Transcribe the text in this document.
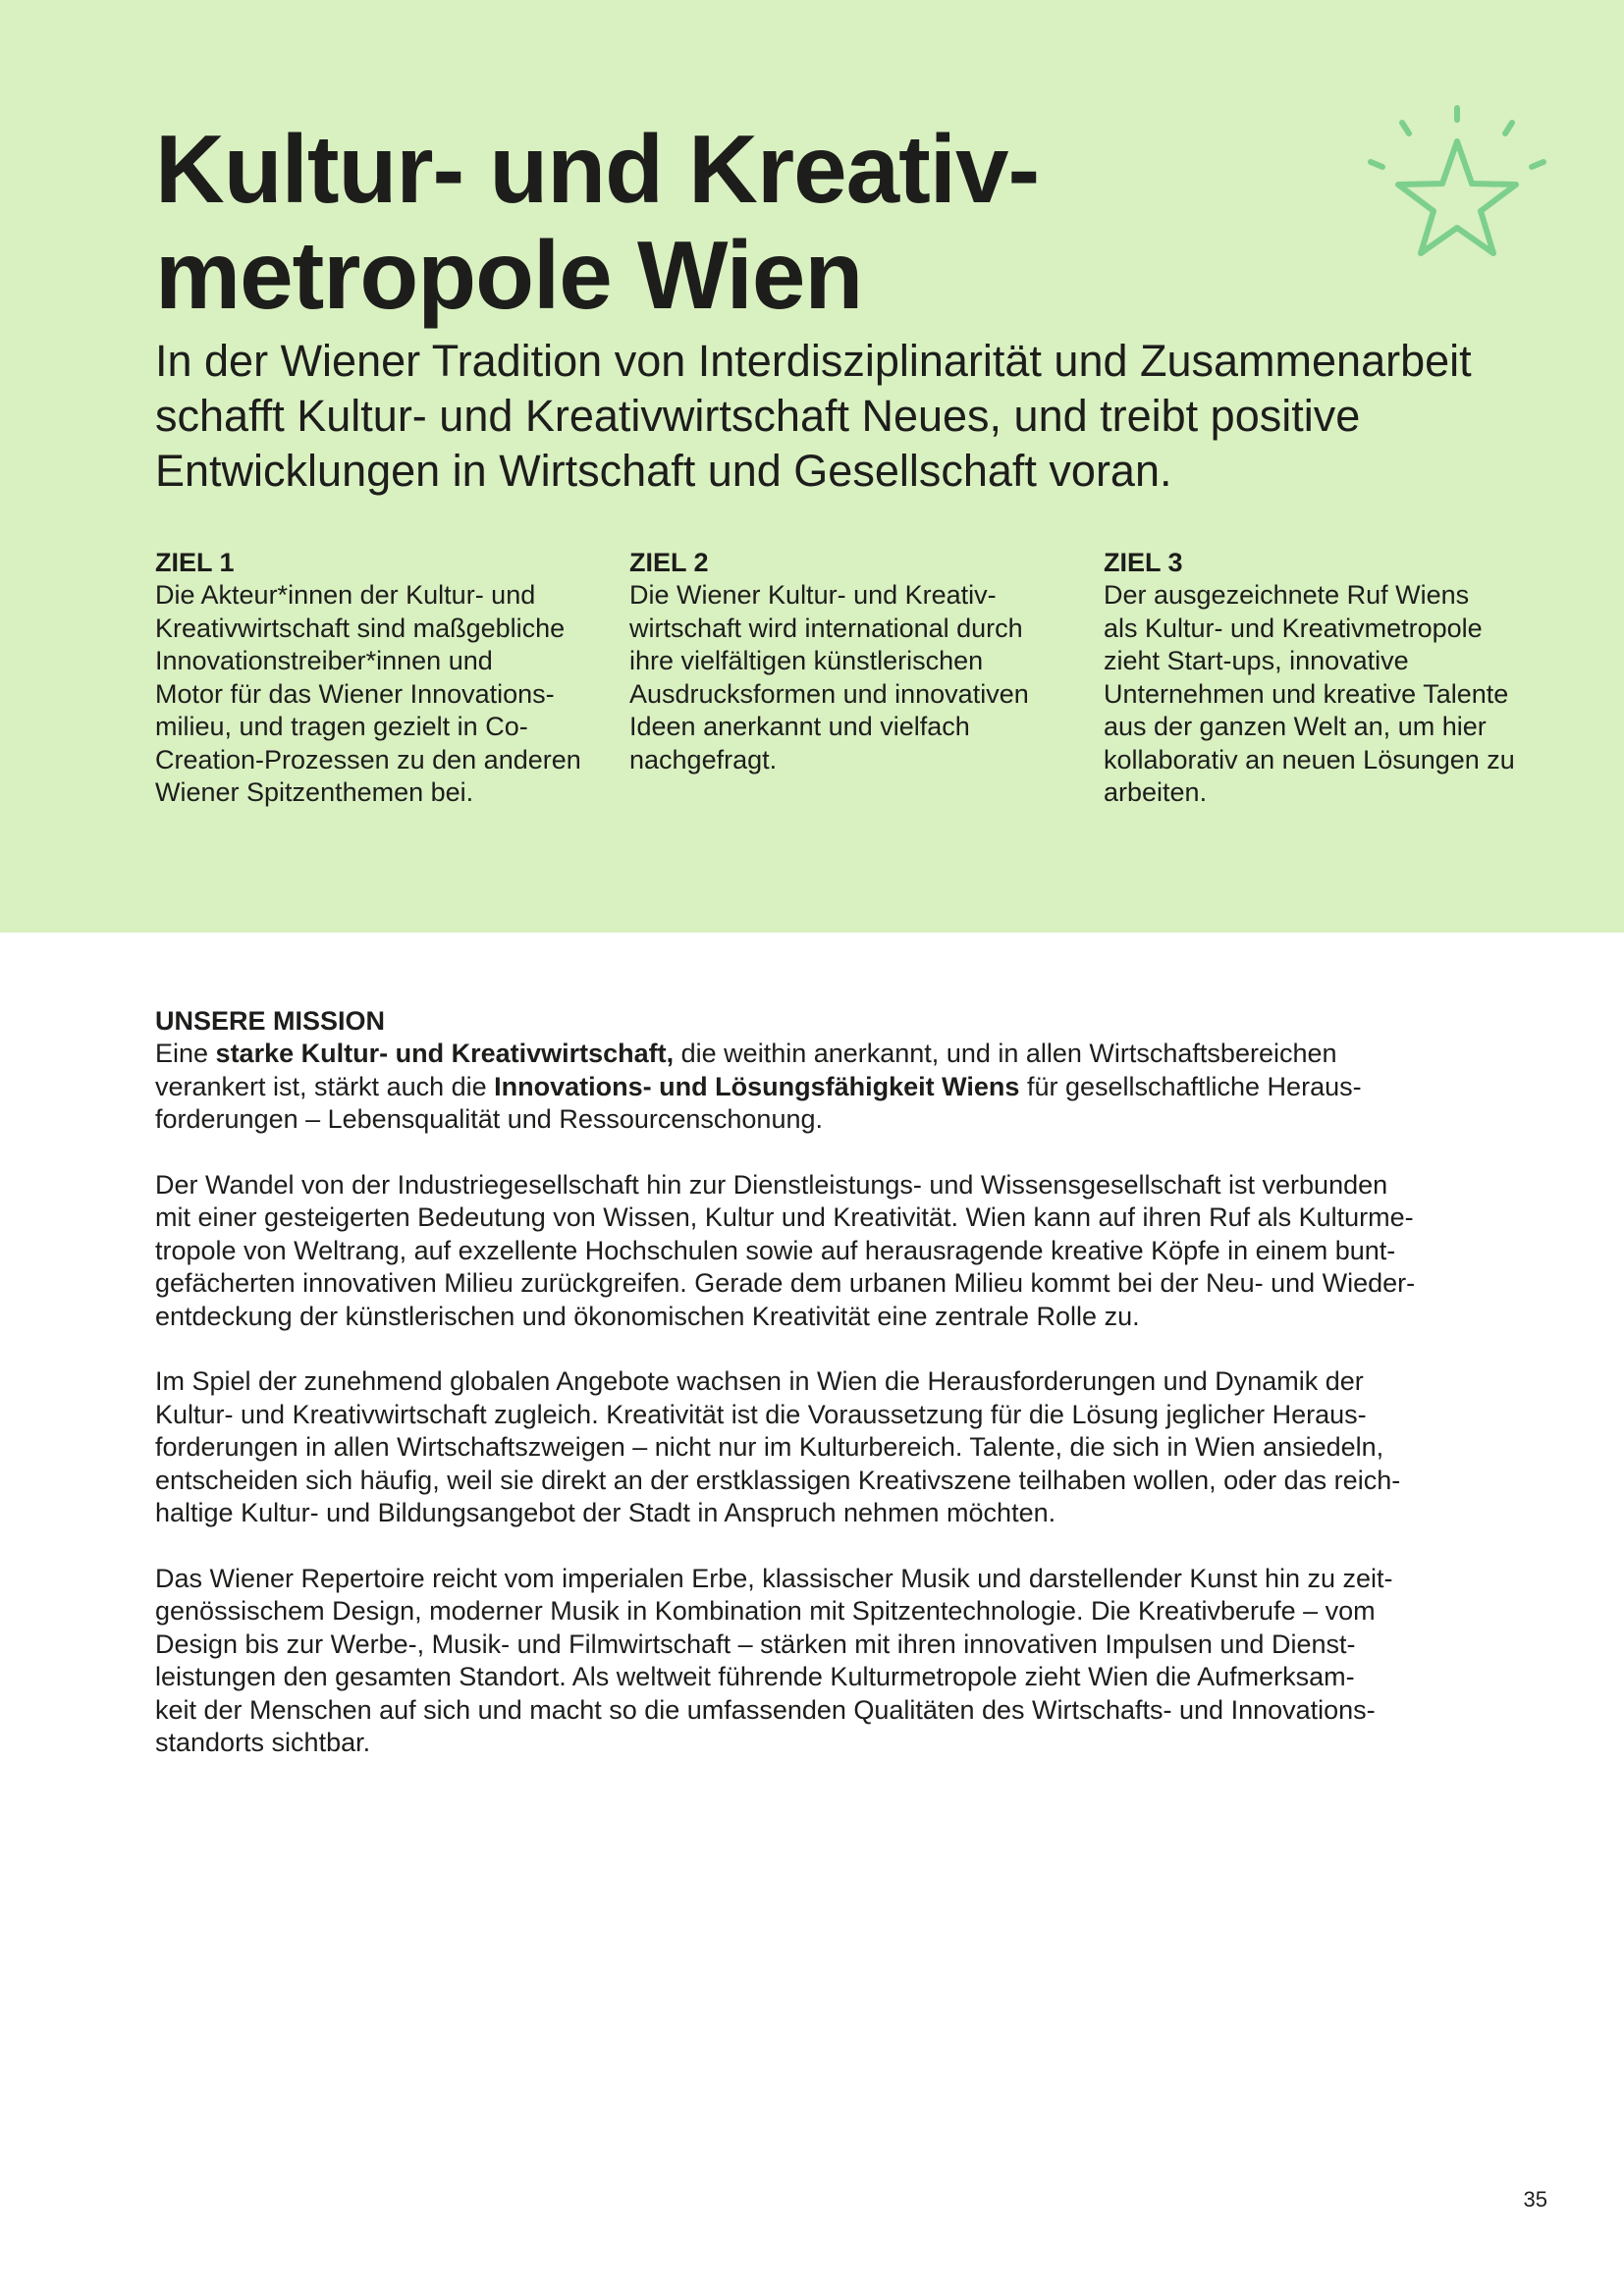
Kultur- und Kreativ-
metropole Wien

In der Wiener Tradition von Interdisziplinarität und Zusammenarbeit
schafft Kultur- und Kreativwirtschaft Neues, und treibt positive
Entwicklungen in Wirtschaft und Gesellschaft voran.

ZIEL 1

Die Akteur*innen der Kultur- und
Kreativwirtschaft sind maßgebliche
Innovationstreiber*innen und
Motor für das Wiener Innovations-
milieu, und tragen gezielt in Co-
Creation-Prozessen zu den anderen
Wiener Spitzenthemen bei.

ZIEL 2

Die Wiener Kultur- und Kreativ-
wirtschaft wird international durch
ihre vielfältigen künstlerischen
Ausdrucksformen und innovativen
Ideen anerkannt und vielfach
nachgefragt.

ZIEL 3

Der ausgezeichnete Ruf Wiens
als Kultur- und Kreativmetropole
zieht Start-ups, innovative
Unternehmen und kreative Talente
aus der ganzen Welt an, um hier
kollaborativ an neuen Lösungen zu
arbeiten.

UNSERE MISSION

Eine starke Kultur- und Kreativwirtschaft, die weithin anerkannt, und in allen Wirtschaftsbereichen
verankert ist, stärkt auch die Innovations- und Lösungsfähigkeit Wiens für gesellschaftliche Heraus-
forderungen – Lebensqualität und Ressourcenschonung.

Der Wandel von der Industriegesellschaft hin zur Dienstleistungs- und Wissensgesellschaft ist verbunden
mit einer gesteigerten Bedeutung von Wissen, Kultur und Kreativität. Wien kann auf ihren Ruf als Kulturme-
tropole von Weltrang, auf exzellente Hochschulen sowie auf herausragende kreative Köpfe in einem bunt-
gefächerten innovativen Milieu zurückgreifen. Gerade dem urbanen Milieu kommt bei der Neu- und Wieder-
entdeckung der künstlerischen und ökonomischen Kreativität eine zentrale Rolle zu.

Im Spiel der zunehmend globalen Angebote wachsen in Wien die Herausforderungen und Dynamik der
Kultur- und Kreativwirtschaft zugleich. Kreativität ist die Voraussetzung für die Lösung jeglicher Heraus-
forderungen in allen Wirtschaftszweigen – nicht nur im Kulturbereich. Talente, die sich in Wien ansiedeln,
entscheiden sich häufig, weil sie direkt an der erstklassigen Kreativszene teilhaben wollen, oder das reich-
haltige Kultur- und Bildungsangebot der Stadt in Anspruch nehmen möchten.

Das Wiener Repertoire reicht vom imperialen Erbe, klassischer Musik und darstellender Kunst hin zu zeit-
genössischem Design, moderner Musik in Kombination mit Spitzentechnologie. Die Kreativberufe – vom
Design bis zur Werbe-, Musik- und Filmwirtschaft – stärken mit ihren innovativen Impulsen und Dienst-
leistungen den gesamten Standort. Als weltweit führende Kulturmetropole zieht Wien die Aufmerksam-
keit der Menschen auf sich und macht so die umfassenden Qualitäten des Wirtschafts- und Innovations-
standorts sichtbar.

35
